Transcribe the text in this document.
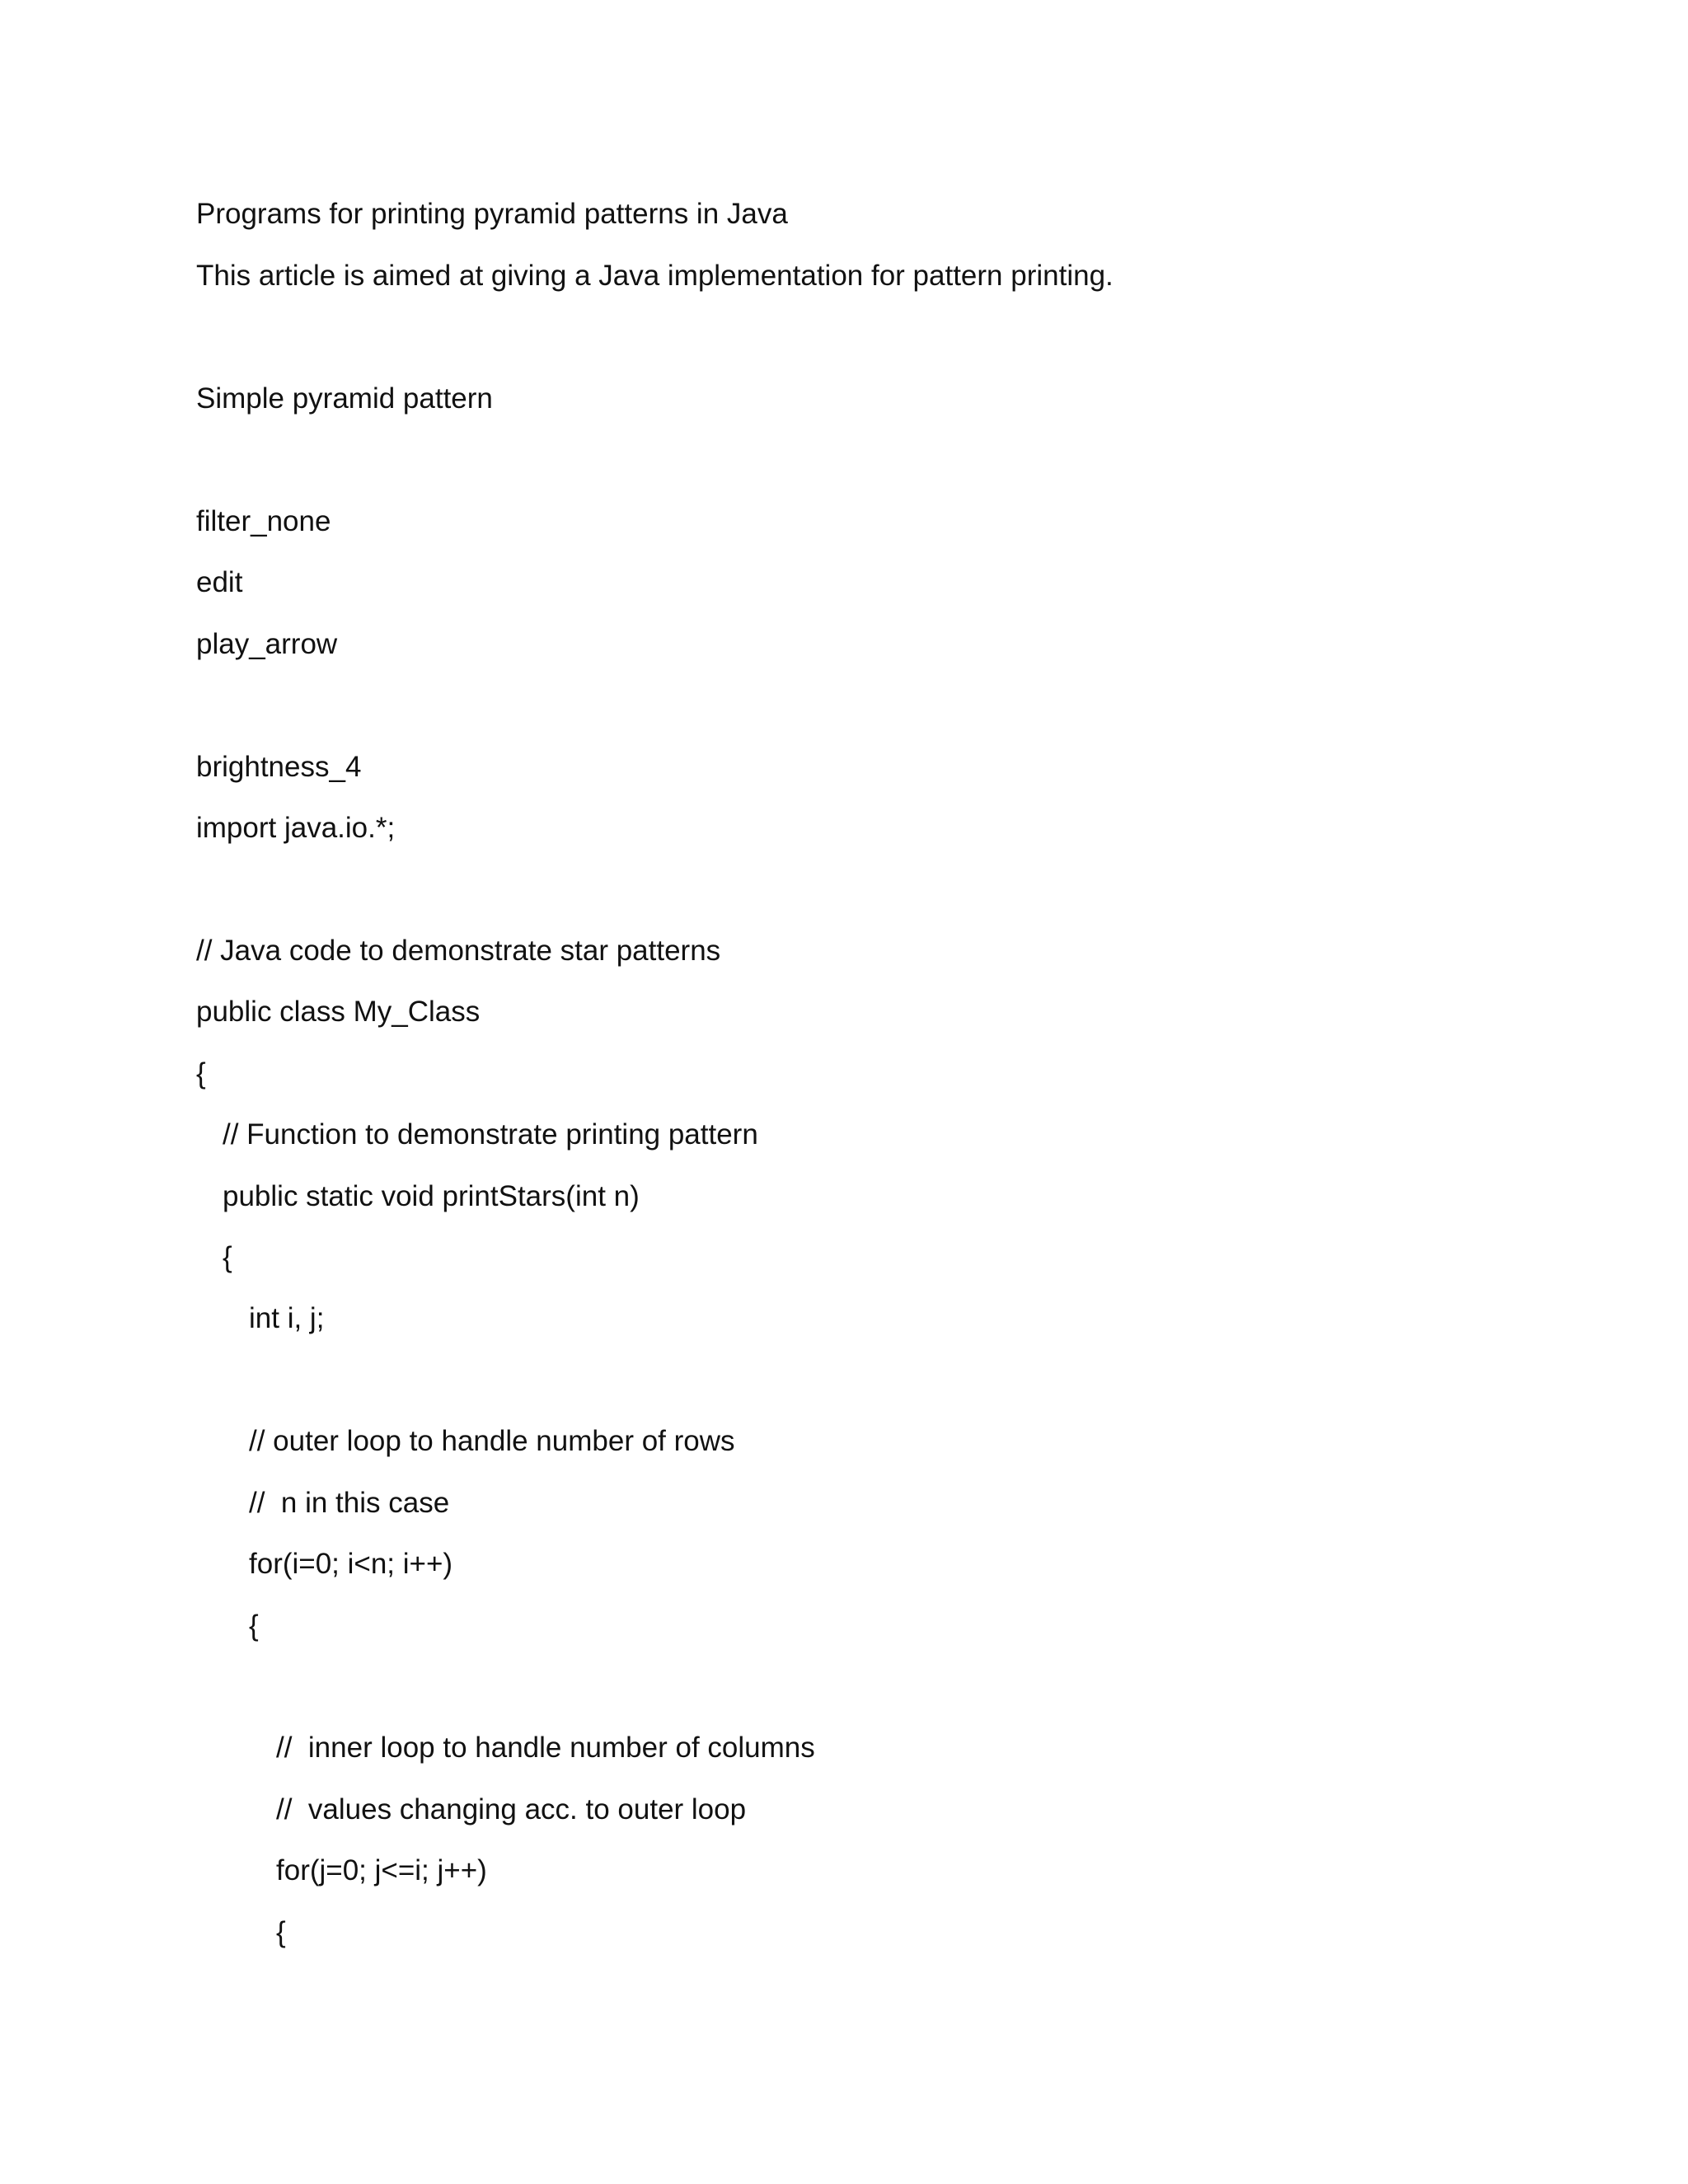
Programs for printing pyramid patterns in Java
This article is aimed at giving a Java implementation for pattern printing.
Simple pyramid pattern
filter_none
edit
play_arrow
brightness_4
import java.io.*;
// Java code to demonstrate star patterns
public class My_Class
{
// Function to demonstrate printing pattern
public static void printStars(int n)
{
int i, j;
// outer loop to handle number of rows
//  n in this case
for(i=0; i<n; i++)
{
//  inner loop to handle number of columns
//  values changing acc. to outer loop
for(j=0; j<=i; j++)
{
